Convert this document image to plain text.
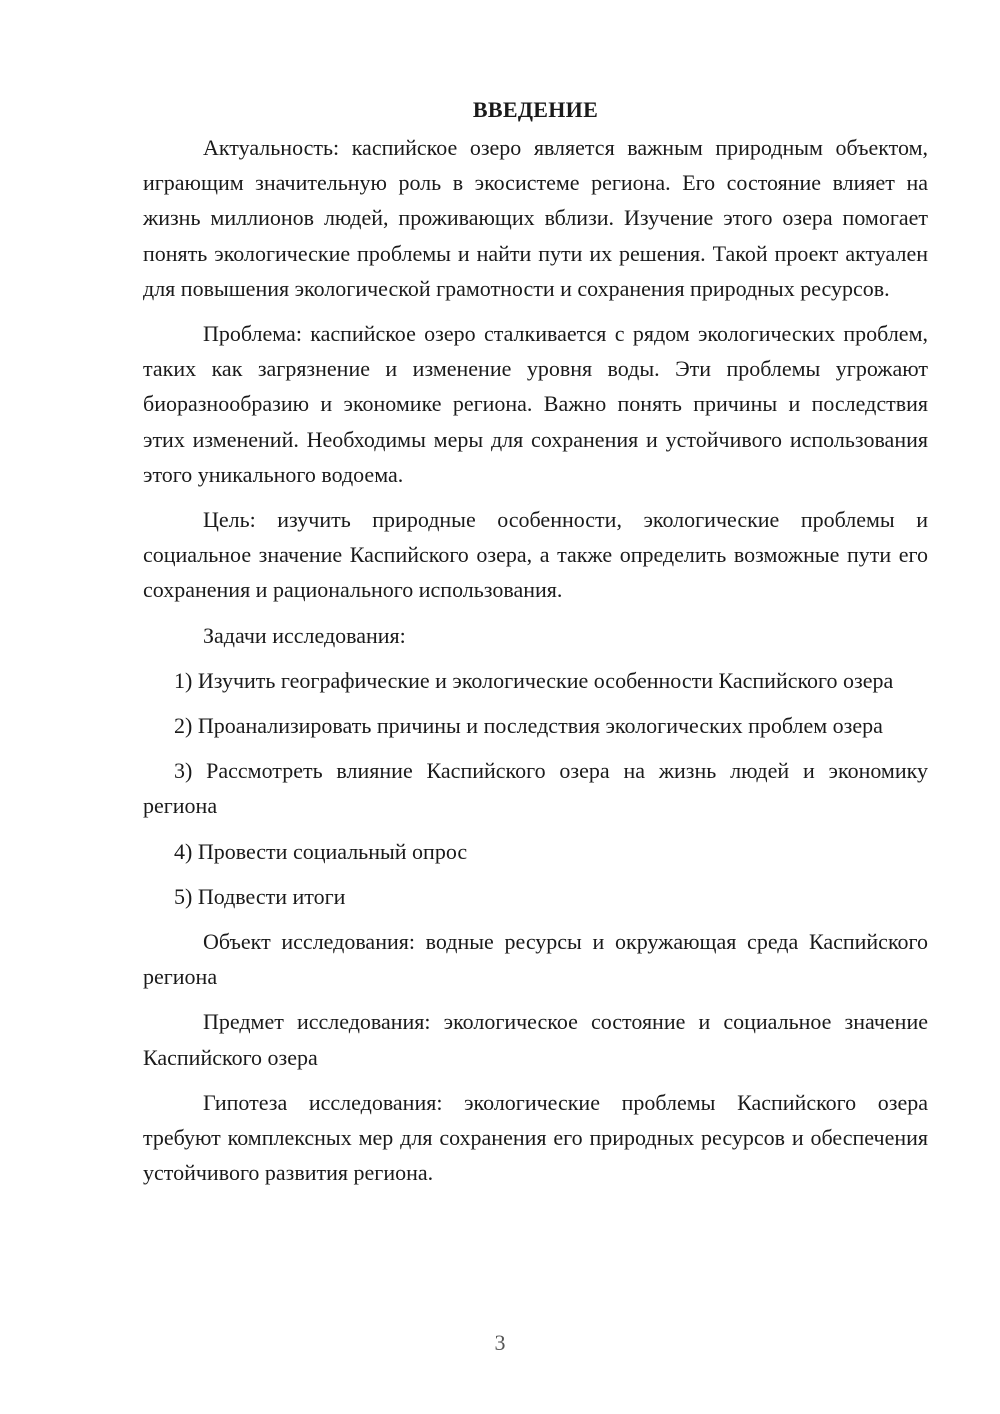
ВВЕДЕНИЕ

Актуальность: каспийское озеро является важным природным объектом, играющим значительную роль в экосистеме региона. Его состояние влияет на жизнь миллионов людей, проживающих вблизи. Изучение этого озера помогает понять экологические проблемы и найти пути их решения. Такой проект актуален для повышения экологической грамотности и сохранения природных ресурсов.

Проблема: каспийское озеро сталкивается с рядом экологических проблем, таких как загрязнение и изменение уровня воды. Эти проблемы угрожают биоразнообразию и экономике региона. Важно понять причины и последствия этих изменений. Необходимы меры для сохранения и устойчивого использования этого уникального водоема.

Цель: изучить природные особенности, экологические проблемы и социальное значение Каспийского озера, а также определить возможные пути его сохранения и рационального использования.

Задачи исследования:

1) Изучить географические и экологические особенности Каспийского озера

2) Проанализировать причины и последствия экологических проблем озера

3) Рассмотреть влияние Каспийского озера на жизнь людей и экономику региона

4) Провести социальный опрос

5) Подвести итоги

Объект исследования: водные ресурсы и окружающая среда Каспийского региона

Предмет исследования: экологическое состояние и социальное значение Каспийского озера

Гипотеза исследования: экологические проблемы Каспийского озера требуют комплексных мер для сохранения его природных ресурсов и обеспечения устойчивого развития региона.

3
